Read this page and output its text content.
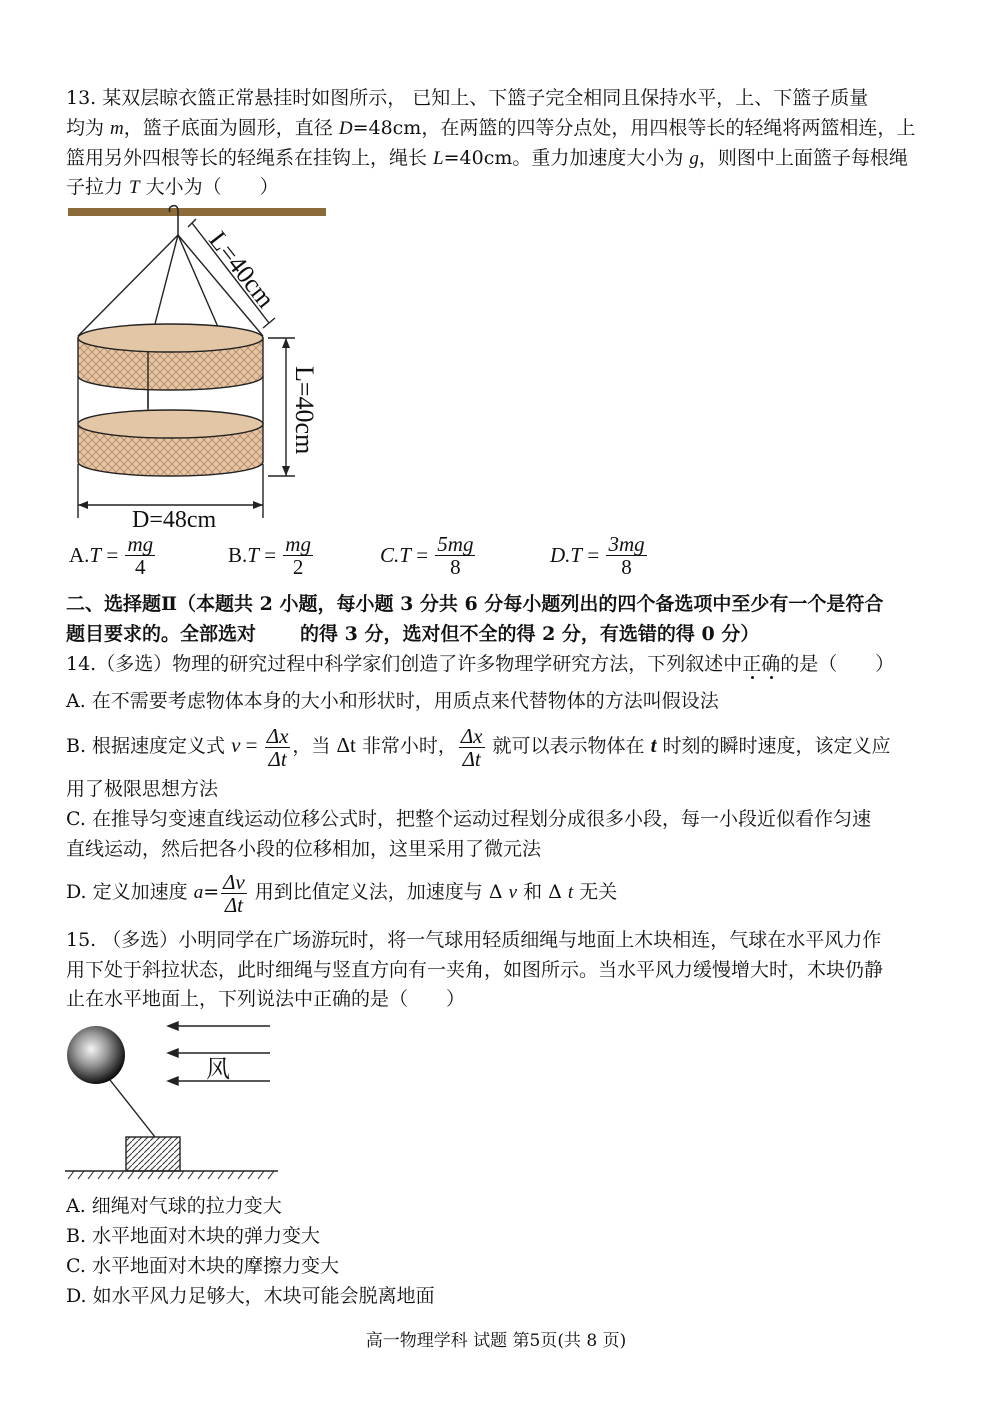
13. 某双层晾衣篮正常悬挂时如图所示， 已知上、下篮子完全相同且保持水平，上、下篮子质量
均为 m，篮子底面为圆形，直径 D=48cm，在两篮的四等分点处，用四根等长的轻绳将两篮相连，上
篮用另外四根等长的轻绳系在挂钩上，绳长 L=40cm。重力加速度大小为 g，则图中上面篮子每根绳
子拉力 T 大小为（　　）
L=40cm
L=40cm
D=48cm
$A.T = \frac{mg}{4}$	$B.T = \frac{mg}{2}$	$C.T = \frac{5mg}{8}$	$D.T = \frac{3mg}{8}$
二、选择题Ⅱ（本题共 2 小题，每小题 3 分共 6 分每小题列出的四个备选项中至少有一个是符合
题目要求的。全部选对 的得 3 分，选对但不全的得 2 分，有选错的得 0 分）
14.（多选）物理的研究过程中科学家们创造了许多物理学研究方法，下列叙述中正确的是（　　）
A. 在不需要考虑物体本身的大小和形状时，用质点来代替物体的方法叫假设法
B. 根据速度定义式 $v = \frac{\Delta x}{\Delta t}$ ，当 Δt 非常小时， $\frac{\Delta x}{\Delta t}$ 就可以表示物体在 t 时刻的瞬时速度，该定义应
用了极限思想方法
C. 在推导匀变速直线运动位移公式时，把整个运动过程划分成很多小段，每一小段近似看作匀速
直线运动，然后把各小段的位移相加，这里采用了微元法
D. 定义加速度 $a= \frac{\Delta v}{\Delta t}$ 用到比值定义法，加速度与 Δ v 和 Δ t 无关
15. （多选）小明同学在广场游玩时，将一气球用轻质细绳与地面上木块相连，气球在水平风力作
用下处于斜拉状态，此时细绳与竖直方向有一夹角，如图所示。当水平风力缓慢增大时，木块仍静
止在水平地面上，下列说法中正确的是（　　）
风
A. 细绳对气球的拉力变大
B. 水平地面对木块的弹力变大
C. 水平地面对木块的摩擦力变大
D. 如水平风力足够大，木块可能会脱离地面
高一物理学科 试题 第5页(共 8 页)
